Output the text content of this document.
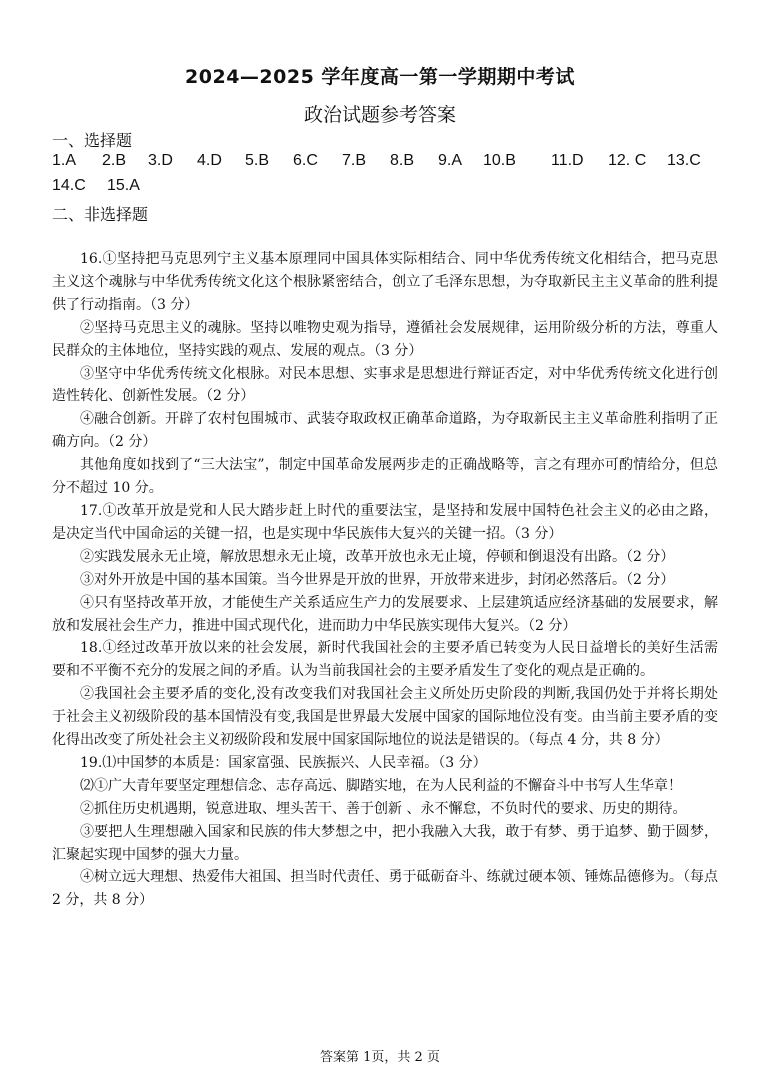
2024—2025 学年度高一第一学期期中考试
政治试题参考答案
一、选择题
1.A 2.B 3.D 4.D 5.B 6.C 7.B 8.B 9.A 10.B 11.D 12. C 13.C
14.C 15.A
二、非选择题

16.①坚持把马克思列宁主义基本原理同中国具体实际相结合、同中华优秀传统文化相结合，把马克思主义这个魂脉与中华优秀传统文化这个根脉紧密结合，创立了毛泽东思想，为夺取新民主主义革命的胜利提供了行动指南。（3 分）

②坚持马克思主义的魂脉。坚持以唯物史观为指导，遵循社会发展规律，运用阶级分析的方法，尊重人民群众的主体地位，坚持实践的观点、发展的观点。（3 分）

③坚守中华优秀传统文化根脉。对民本思想、实事求是思想进行辩证否定，对中华优秀传统文化进行创造性转化、创新性发展。（2 分）

④融合创新。开辟了农村包围城市、武装夺取政权正确革命道路，为夺取新民主主义革命胜利指明了正确方向。（2 分）

其他角度如找到了“三大法宝”，制定中国革命发展两步走的正确战略等，言之有理亦可酌情给分，但总分不超过 10 分。

17.①改革开放是党和人民大踏步赶上时代的重要法宝，是坚持和发展中国特色社会主义的必由之路，是决定当代中国命运的关键一招，也是实现中华民族伟大复兴的关键一招。（3 分）

②实践发展永无止境，解放思想永无止境，改革开放也永无止境，停顿和倒退没有出路。（2 分）

③对外开放是中国的基本国策。当今世界是开放的世界，开放带来进步，封闭必然落后。（2 分）

④只有坚持改革开放，才能使生产关系适应生产力的发展要求、上层建筑适应经济基础的发展要求，解放和发展社会生产力，推进中国式现代化，进而助力中华民族实现伟大复兴。（2 分）

18.①经过改革开放以来的社会发展，新时代我国社会的主要矛盾已转变为人民日益增长的美好生活需要和不平衡不充分的发展之间的矛盾。认为当前我国社会的主要矛盾发生了变化的观点是正确的。

②我国社会主要矛盾的变化,没有改变我们对我国社会主义所处历史阶段的判断,我国仍处于并将长期处于社会主义初级阶段的基本国情没有变,我国是世界最大发展中国家的国际地位没有变。由当前主要矛盾的变化得出改变了所处社会主义初级阶段和发展中国家国际地位的说法是错误的。（每点 4 分，共 8 分）

19.⑴中国梦的本质是：国家富强、民族振兴、人民幸福。（3 分）

⑵①广大青年要坚定理想信念、志存高远、脚踏实地，在为人民利益的不懈奋斗中书写人生华章！

②抓住历史机遇期，锐意进取、埋头苦干、善于创新 、永不懈怠，不负时代的要求、历史的期待。

③要把人生理想融入国家和民族的伟大梦想之中，把小我融入大我，敢于有梦、勇于追梦、勤于圆梦，汇聚起实现中国梦的强大力量。

④树立远大理想、热爱伟大祖国、担当时代责任、勇于砥砺奋斗、练就过硬本领、锤炼品德修为。（每点 2 分，共 8 分）

答案第 1页，共 2 页
